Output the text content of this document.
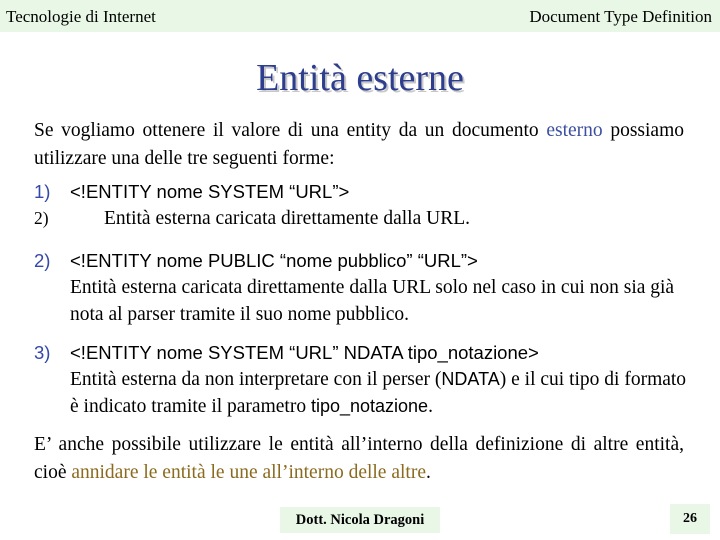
Tecnologie di Internet	Document Type Definition
Entità esterne
Se vogliamo ottenere il valore di una entity da un documento esterno possiamo utilizzare una delle tre seguenti forme:
1) <!ENTITY nome SYSTEM “URL”>
2)	Entità esterna caricata direttamente dalla URL.
2) <!ENTITY nome PUBLIC “nome pubblico” “URL”>
Entità esterna caricata direttamente dalla URL solo nel caso in cui non sia già nota al parser tramite il suo nome pubblico.
3) <!ENTITY nome SYSTEM “URL” NDATA tipo_notazione>
Entità esterna da non interpretare con il perser (NDATA) e il cui tipo di formato è indicato tramite il parametro tipo_notazione.
E’ anche possibile utilizzare le entità all’interno della definizione di altre entità, cioè annidare le entità le une all’interno delle altre.
Dott. Nicola Dragoni	26
